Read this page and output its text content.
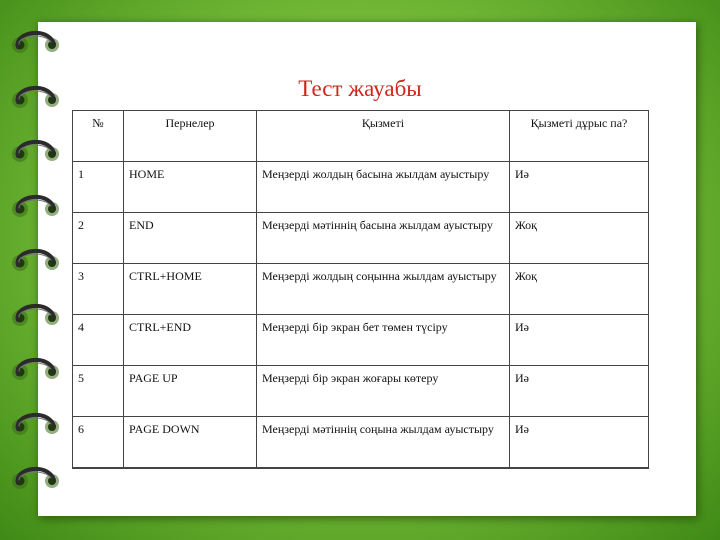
Тест жауабы
№	Пернелер	Қызметі	Қызметі дұрыс па?
1	HOME	Меңзерді жолдың басына жылдам ауыстыру	Иә
2	END	Меңзерді мәтіннің басына жылдам ауыстыру	Жоқ
3	CTRL+HOME	Меңзерді жолдың соңынна жылдам ауыстыру	Жоқ
4	CTRL+END	Меңзерді бір экран бет төмен түсіру	Иә
5	PAGE UP	Меңзерді бір экран жоғары көтеру	Иә
6	PAGE DOWN	Меңзерді мәтіннің соңына жылдам ауыстыру	Иә
